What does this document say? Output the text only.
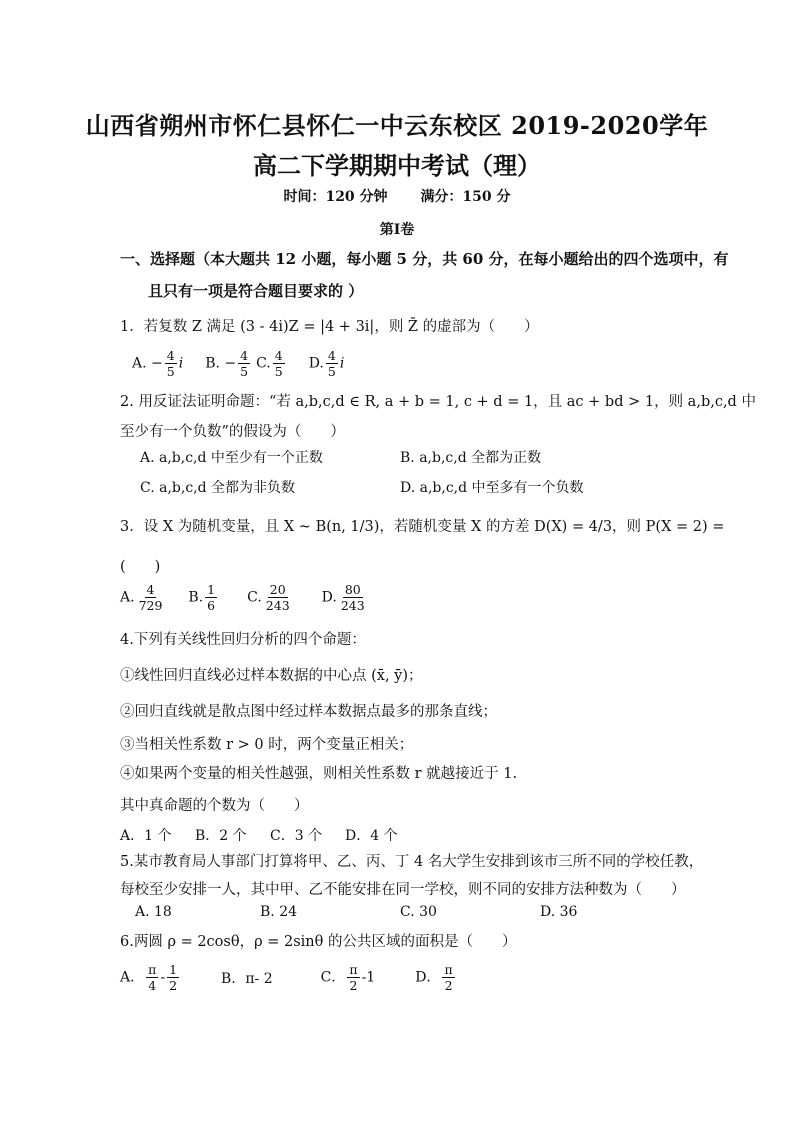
山西省朔州市怀仁县怀仁一中云东校区 2019-2020学年
高二下学期期中考试（理）
时间：120 分钟 满分：150 分
第Ⅰ卷
一、选择题（本大题共 12 小题，每小题 5 分，共 60 分，在每小题给出的四个选项中，有
且只有一项是符合题目要求的 ）
1．若复数 Z 满足 (3 - 4i)Z = |4 + 3i|，则 Z̄ 的虚部为（　　）
A. − $\frac{4}{5}$ i B. − $\frac{4}{5} C$. $\frac{4}{5} D$. $\frac{4}{5}$ i
2. 用反证法证明命题：“若 a,b,c,d ∈ R, a + b = 1, c + d = 1，且 ac + bd > 1，则 a,b,c,d 中
至少有一个负数”的假设为（　　）
A. a,b,c,d 中至少有一个正数	B. a,b,c,d 全都为正数
C. a,b,c,d 全都为非负数	D. a,b,c,d 中至多有一个负数
3．设 X 为随机变量，且 X ~ B(n, 1/3)，若随机变量 X 的方差 D(X) = 4/3，则 P(X = 2) =
(　　)
A. $\frac{4}{729} B$. $\frac{1}{6} C$. $\frac{20}{243} D$. $\frac{80}{243}$
4.下列有关线性回归分析的四个命题：
①线性回归直线必过样本数据的中心点 (x̄, ȳ)；
②回归直线就是散点图中经过样本数据点最多的那条直线；
③当相关性系数 r > 0 时，两个变量正相关；
④如果两个变量的相关性越强，则相关性系数 r 就越接近于 1.
其中真命题的个数为（　　）
A．1 个 B．2 个 C．3 个 D．4 个
5.某市教育局人事部门打算将甲、乙、丙、丁 4 名大学生安排到该市三所不同的学校任教，
每校至少安排一人，其中甲、乙不能安排在同一学校，则不同的安排方法种数为（　　）
A. 18	B. 24	C. 30	D. 36
6.两圆 ρ = 2cosθ，ρ = 2sinθ 的公共区域的面积是（　　）
A． $\frac{\pi}{4} - \frac{1}{2}$	B．π- 2	C． $\frac{\pi}{2} -1$	D． $\frac{\pi}{2}$
